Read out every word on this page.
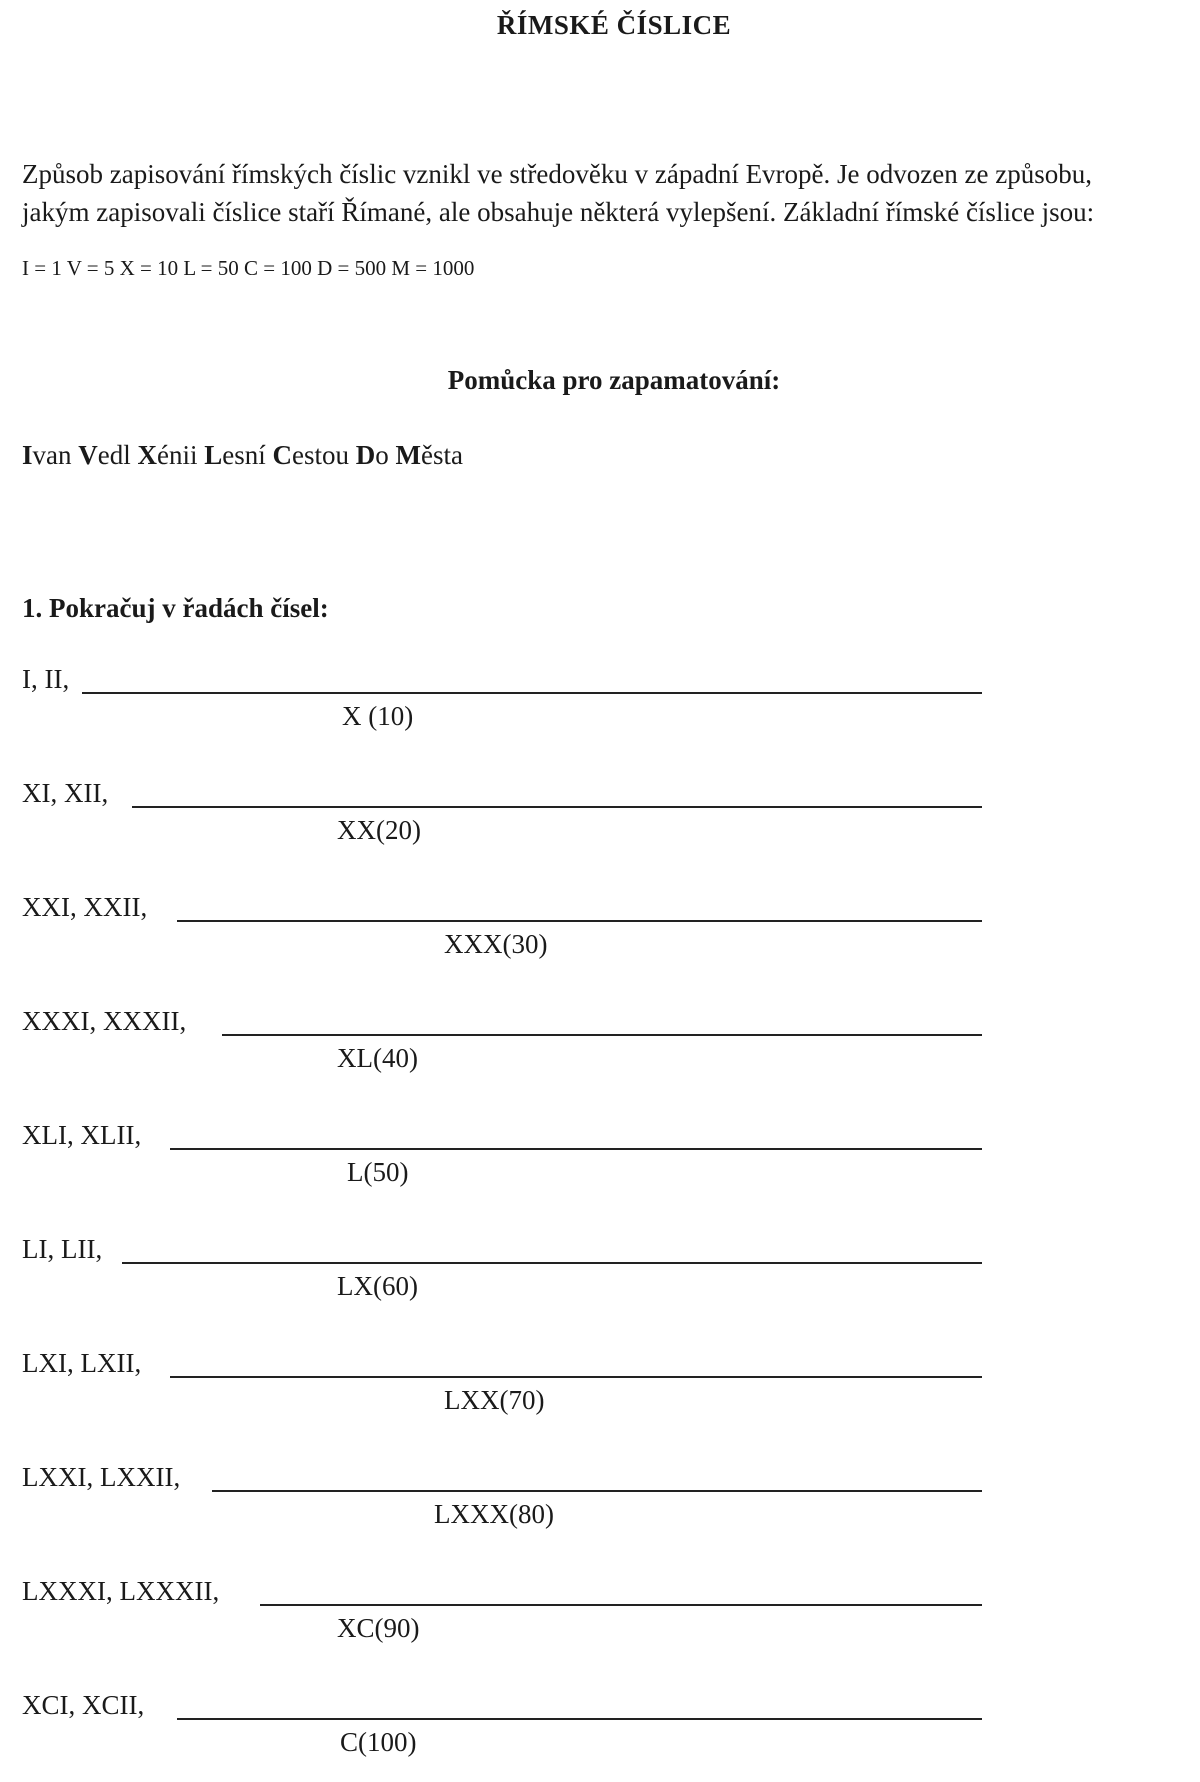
ŘÍMSKÉ ČÍSLICE
Způsob zapisování římských číslic vznikl ve středověku v západní Evropě. Je odvozen ze způsobu,
jakým zapisovali číslice staří Římané, ale obsahuje některá vylepšení. Základní římské číslice jsou:
I = 1 V = 5 X = 10 L = 50 C = 100 D = 500 M = 1000
Pomůcka pro zapamatování:
Ivan Vedl Xénii Lesní Cestou Do Města
1. Pokračuj v řadách čísel:
I, II,
X (10)
XI, XII,
XX(20)
XXI, XXII,
XXX(30)
XXXI, XXXII,
XL(40)
XLI, XLII,
L(50)
LI, LII,
LX(60)
LXI, LXII,
LXX(70)
LXXI, LXXII,
LXXX(80)
LXXXI, LXXXII,
XC(90)
XCI, XCII,
C(100)
